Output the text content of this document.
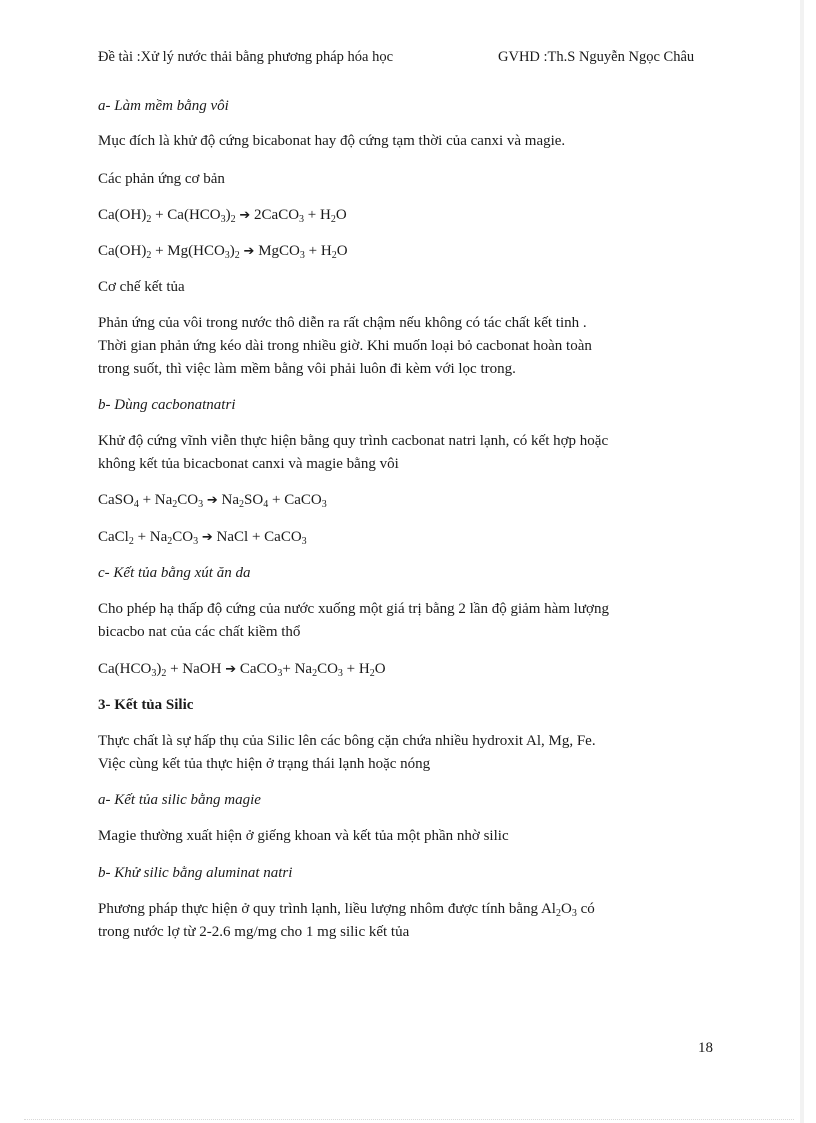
Đề tài :Xử lý nước thải bằng phương pháp hóa học	GVHD :Th.S Nguyễn Ngọc Châu
a- Làm mềm bằng vôi
Mục đích là khử độ cứng bicabonat hay độ cứng tạm thời của canxi và magie.
Các phản ứng cơ bản
$Ca(OH)_2 + Ca(HCO_3)_2$ ➔ 2CaCO$_3$ + $H_2O$
$Ca(OH)_2 + Mg(HCO_3)_2$ ➔ MgCO$_3$ + $H_2O$
Cơ chế kết tủa
Phản ứng của vôi trong nước thô diễn ra rất chậm nếu không có tác chất kết tinh .
Thời gian phản ứng kéo dài trong nhiều giờ. Khi muốn loại bỏ cacbonat hoàn toàn
trong suốt, thì việc làm mềm bằng vôi phải luôn đi kèm với lọc trong.
b- Dùng cacbonatnatri
Khử độ cứng vĩnh viễn thực hiện bằng quy trình cacbonat natri lạnh, có kết hợp hoặc
không kết tủa bicacbonat canxi và magie bằng vôi
CaSO$_4$ + $Na_2CO_3$ ➔ $Na_2SO_4$ + CaCO$_3$
CaCl$_2$ + $Na_2CO_3$ ➔ NaCl + CaCO$_3$
c- Kết tủa bằng xút ăn da
Cho phép hạ thấp độ cứng của nước xuống một giá trị bằng 2 lần độ giảm hàm lượng
bicacbo nat của các chất kiềm thổ
$Ca(HCO_3)_2$ + NaOH ➔ CaCO$_3$+ $Na_2CO_3 + H_2O$
3- Kết tủa Silic
Thực chất là sự hấp thụ của Silic lên các bông cặn chứa nhiều hydroxit Al, Mg, Fe.
Việc cùng kết tủa thực hiện ở trạng thái lạnh hoặc nóng
a- Kết tủa silic bằng magie
Magie thường xuất hiện ở giếng khoan và kết tủa một phần nhờ silic
b- Khử silic bằng aluminat natri
Phương pháp thực hiện ở quy trình lạnh, liều lượng nhôm được tính bằng $Al_2O_3$ có
trong nước lợ từ 2-2.6 mg/mg cho 1 mg silic kết tủa
18
